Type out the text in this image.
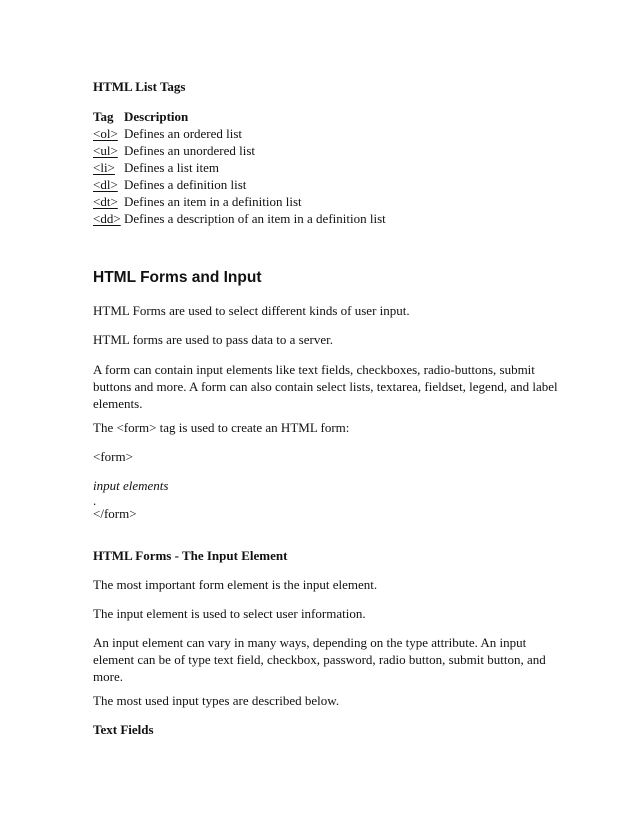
HTML List Tags
Tag Description
<ol> Defines an ordered list
<ul> Defines an unordered list
<li> Defines a list item
<dl> Defines a definition list
<dt> Defines an item in a definition list
<dd> Defines a description of an item in a definition list
HTML Forms and Input

HTML Forms are used to select different kinds of user input.

HTML forms are used to pass data to a server.

A form can contain input elements like text fields, checkboxes, radio-buttons, submit
buttons and more. A form can also contain select lists, textarea, fieldset, legend, and label
elements.

The <form> tag is used to create an HTML form:

<form>

input elements

.

</form>

HTML Forms - The Input Element

The most important form element is the input element.

The input element is used to select user information.

An input element can vary in many ways, depending on the type attribute. An input
element can be of type text field, checkbox, password, radio button, submit button, and
more.

The most used input types are described below.

Text Fields
